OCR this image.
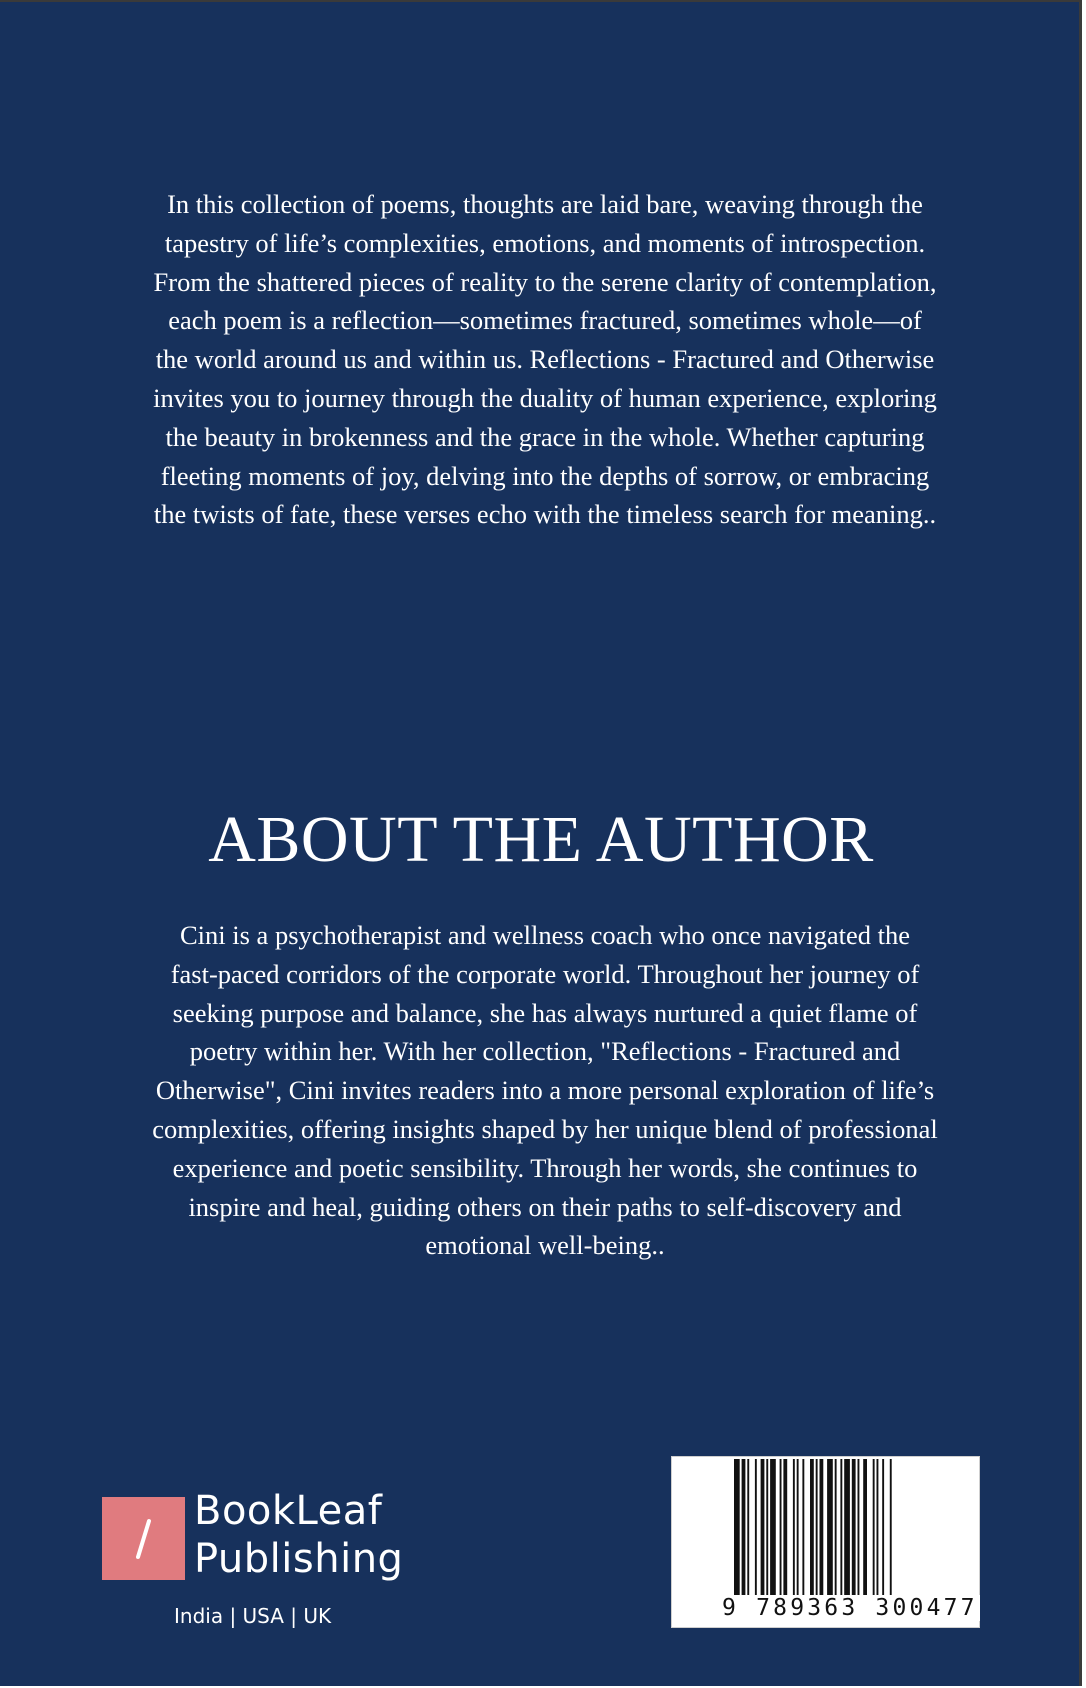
In this collection of poems, thoughts are laid bare, weaving through the
tapestry of life’s complexities, emotions, and moments of introspection.
From the shattered pieces of reality to the serene clarity of contemplation,
each poem is a reflection—sometimes fractured, sometimes whole—of
the world around us and within us. Reflections - Fractured and Otherwise
invites you to journey through the duality of human experience, exploring
the beauty in brokenness and the grace in the whole. Whether capturing
fleeting moments of joy, delving into the depths of sorrow, or embracing
the twists of fate, these verses echo with the timeless search for meaning..
ABOUT THE AUTHOR
Cini is a psychotherapist and wellness coach who once navigated the
fast-paced corridors of the corporate world. Throughout her journey of
seeking purpose and balance, she has always nurtured a quiet flame of
poetry within her. With her collection, "Reflections - Fractured and
Otherwise", Cini invites readers into a more personal exploration of life’s
complexities, offering insights shaped by her unique blend of professional
experience and poetic sensibility. Through her words, she continues to
inspire and heal, guiding others on their paths to self-discovery and
emotional well-being..
BookLeaf
Publishing
India | USA | UK	9 789363 300477
